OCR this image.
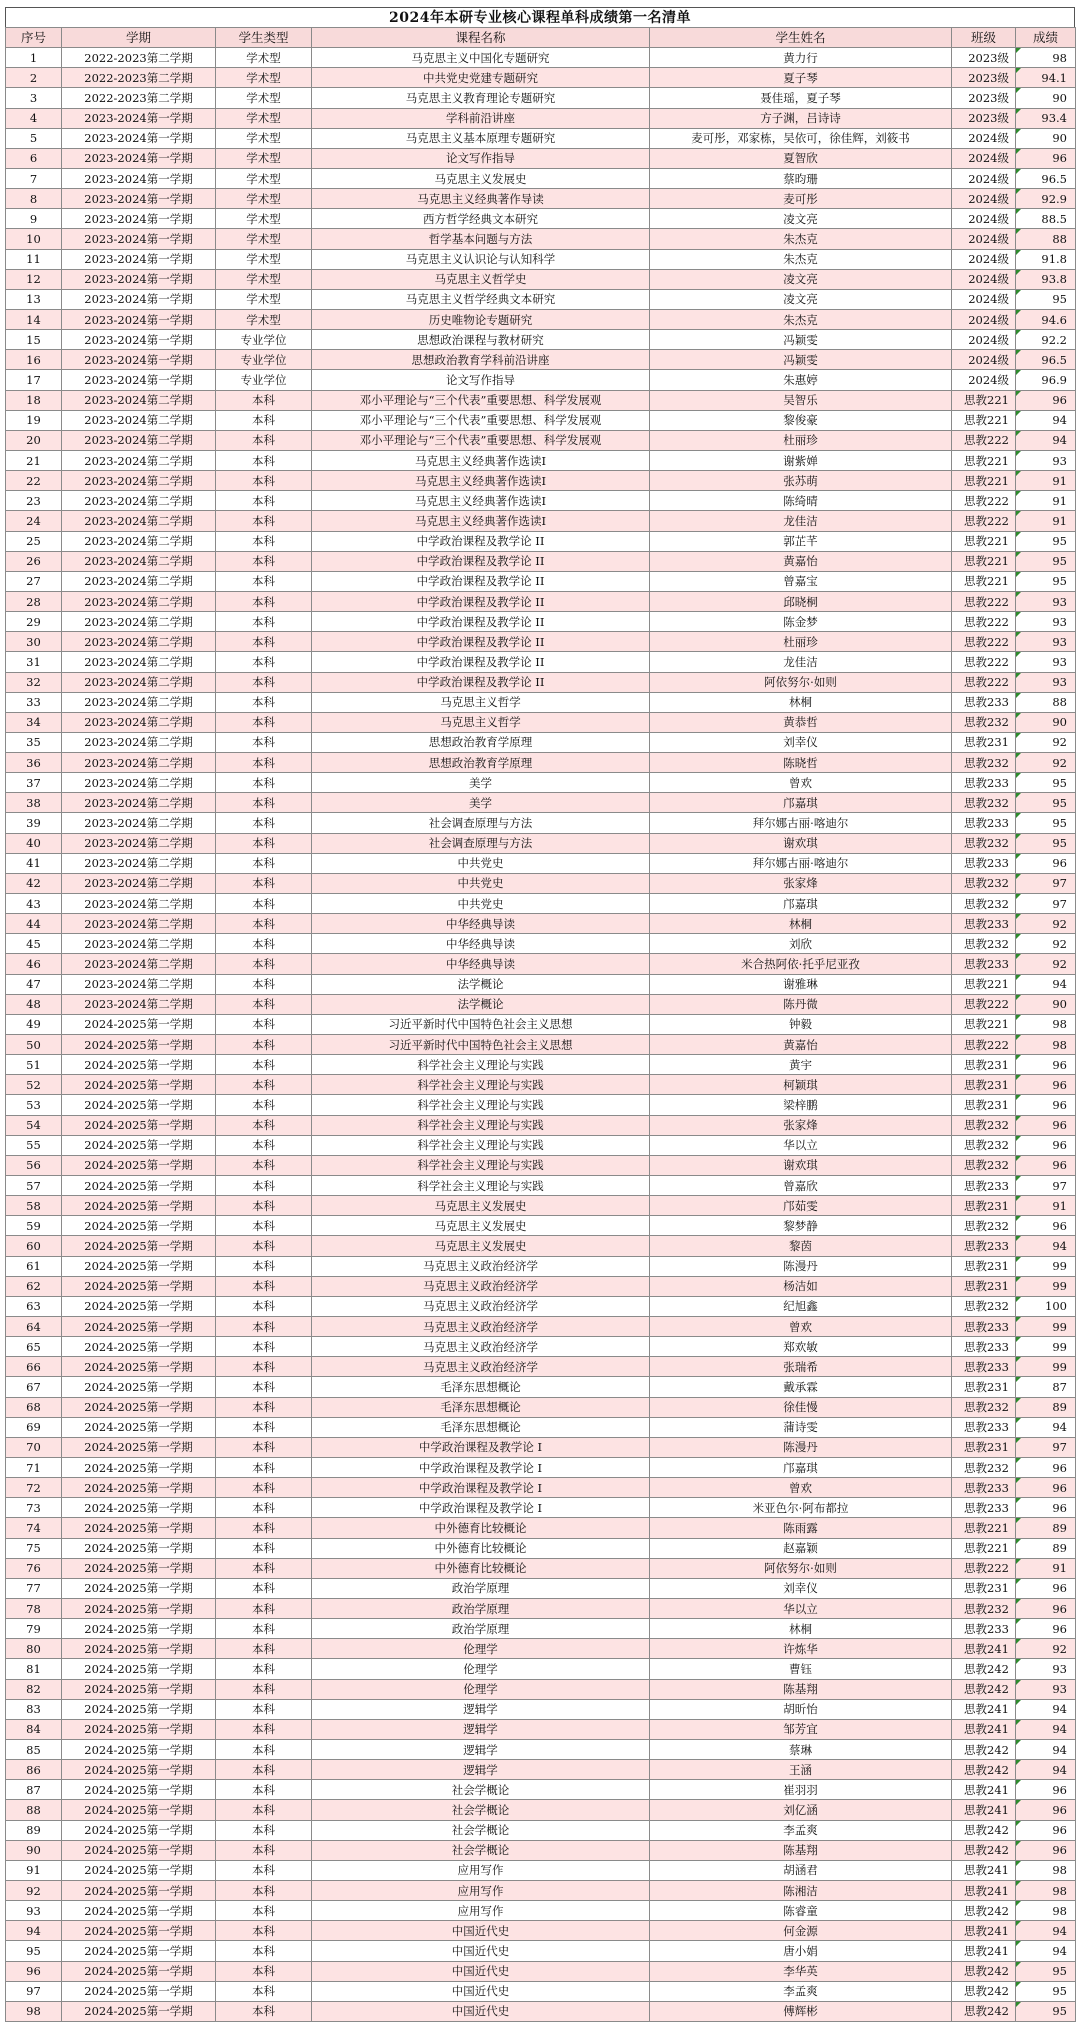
2024年本研专业核心课程单科成绩第一名清单
序号	学期	学生类型	课程名称	学生姓名	班级	成绩
1	2022-2023第二学期	学术型	马克思主义中国化专题研究	黄力行	2023级	98
2	2022-2023第二学期	学术型	中共党史党建专题研究	夏子琴	2023级	94.1
3	2022-2023第二学期	学术型	马克思主义教育理论专题研究	聂佳瑶，夏子琴	2023级	90
4	2023-2024第一学期	学术型	学科前沿讲座	方子渊，吕诗诗	2023级	93.4
5	2023-2024第一学期	学术型	马克思主义基本原理专题研究	麦可彤，邓家栋，吴依可，徐佳辉，刘筱书	2024级	90
6	2023-2024第一学期	学术型	论文写作指导	夏智欣	2024级	96
7	2023-2024第一学期	学术型	马克思主义发展史	蔡昀珊	2024级	96.5
8	2023-2024第一学期	学术型	马克思主义经典著作导读	麦可彤	2024级	92.9
9	2023-2024第一学期	学术型	西方哲学经典文本研究	凌文亮	2024级	88.5
10	2023-2024第一学期	学术型	哲学基本问题与方法	朱杰克	2024级	88
11	2023-2024第一学期	学术型	马克思主义认识论与认知科学	朱杰克	2024级	91.8
12	2023-2024第一学期	学术型	马克思主义哲学史	凌文亮	2024级	93.8
13	2023-2024第一学期	学术型	马克思主义哲学经典文本研究	凌文亮	2024级	95
14	2023-2024第一学期	学术型	历史唯物论专题研究	朱杰克	2024级	94.6
15	2023-2024第一学期	专业学位	思想政治课程与教材研究	冯颖雯	2024级	92.2
16	2023-2024第一学期	专业学位	思想政治教育学科前沿讲座	冯颖雯	2024级	96.5
17	2023-2024第一学期	专业学位	论文写作指导	朱惠婷	2024级	96.9
18	2023-2024第二学期	本科	邓小平理论与“三个代表”重要思想、科学发展观	吴智乐	思教221	96
19	2023-2024第二学期	本科	邓小平理论与“三个代表”重要思想、科学发展观	黎俊豪	思教221	94
20	2023-2024第二学期	本科	邓小平理论与“三个代表”重要思想、科学发展观	杜丽珍	思教222	94
21	2023-2024第二学期	本科	马克思主义经典著作选读I	谢紫婵	思教221	93
22	2023-2024第二学期	本科	马克思主义经典著作选读I	张苏萌	思教221	91
23	2023-2024第二学期	本科	马克思主义经典著作选读I	陈绮晴	思教222	91
24	2023-2024第二学期	本科	马克思主义经典著作选读I	龙佳洁	思教222	91
25	2023-2024第二学期	本科	中学政治课程及教学论 II	郭芷芊	思教221	95
26	2023-2024第二学期	本科	中学政治课程及教学论 II	黄嘉怡	思教221	95
27	2023-2024第二学期	本科	中学政治课程及教学论 II	曾嘉宝	思教221	95
28	2023-2024第二学期	本科	中学政治课程及教学论 II	邱晓桐	思教222	93
29	2023-2024第二学期	本科	中学政治课程及教学论 II	陈金梦	思教222	93
30	2023-2024第二学期	本科	中学政治课程及教学论 II	杜丽珍	思教222	93
31	2023-2024第二学期	本科	中学政治课程及教学论 II	龙佳洁	思教222	93
32	2023-2024第二学期	本科	中学政治课程及教学论 II	阿依努尔·如则	思教222	93
33	2023-2024第二学期	本科	马克思主义哲学	林桐	思教233	88
34	2023-2024第二学期	本科	马克思主义哲学	黄恭哲	思教232	90
35	2023-2024第二学期	本科	思想政治教育学原理	刘幸仪	思教231	92
36	2023-2024第二学期	本科	思想政治教育学原理	陈晓哲	思教232	92
37	2023-2024第二学期	本科	美学	曾欢	思教233	95
38	2023-2024第二学期	本科	美学	邝嘉琪	思教232	95
39	2023-2024第二学期	本科	社会调查原理与方法	拜尔娜古丽·喀迪尔	思教233	95
40	2023-2024第二学期	本科	社会调查原理与方法	谢欢琪	思教232	95
41	2023-2024第二学期	本科	中共党史	拜尔娜古丽·喀迪尔	思教233	96
42	2023-2024第二学期	本科	中共党史	张家烽	思教232	97
43	2023-2024第二学期	本科	中共党史	邝嘉琪	思教232	97
44	2023-2024第二学期	本科	中华经典导读	林桐	思教233	92
45	2023-2024第二学期	本科	中华经典导读	刘欣	思教232	92
46	2023-2024第二学期	本科	中华经典导读	米合热阿依·托乎尼亚孜	思教233	92
47	2023-2024第二学期	本科	法学概论	谢雅琳	思教221	94
48	2023-2024第二学期	本科	法学概论	陈丹微	思教222	90
49	2024-2025第一学期	本科	习近平新时代中国特色社会主义思想	钟毅	思教221	98
50	2024-2025第一学期	本科	习近平新时代中国特色社会主义思想	黄嘉怡	思教222	98
51	2024-2025第一学期	本科	科学社会主义理论与实践	黄宇	思教231	96
52	2024-2025第一学期	本科	科学社会主义理论与实践	柯颖琪	思教231	96
53	2024-2025第一学期	本科	科学社会主义理论与实践	梁梓鹏	思教231	96
54	2024-2025第一学期	本科	科学社会主义理论与实践	张家烽	思教232	96
55	2024-2025第一学期	本科	科学社会主义理论与实践	华以立	思教232	96
56	2024-2025第一学期	本科	科学社会主义理论与实践	谢欢琪	思教232	96
57	2024-2025第一学期	本科	科学社会主义理论与实践	曾嘉欣	思教233	97
58	2024-2025第一学期	本科	马克思主义发展史	邝茹雯	思教231	91
59	2024-2025第一学期	本科	马克思主义发展史	黎梦静	思教232	96
60	2024-2025第一学期	本科	马克思主义发展史	黎茵	思教233	94
61	2024-2025第一学期	本科	马克思主义政治经济学	陈漫丹	思教231	99
62	2024-2025第一学期	本科	马克思主义政治经济学	杨洁如	思教231	99
63	2024-2025第一学期	本科	马克思主义政治经济学	纪旭鑫	思教232	100
64	2024-2025第一学期	本科	马克思主义政治经济学	曾欢	思教233	99
65	2024-2025第一学期	本科	马克思主义政治经济学	郑欢敏	思教233	99
66	2024-2025第一学期	本科	马克思主义政治经济学	张瑞希	思教233	99
67	2024-2025第一学期	本科	毛泽东思想概论	戴承霖	思教231	87
68	2024-2025第一学期	本科	毛泽东思想概论	徐佳慢	思教232	89
69	2024-2025第一学期	本科	毛泽东思想概论	蒲诗雯	思教233	94
70	2024-2025第一学期	本科	中学政治课程及教学论 I	陈漫丹	思教231	97
71	2024-2025第一学期	本科	中学政治课程及教学论 I	邝嘉琪	思教232	96
72	2024-2025第一学期	本科	中学政治课程及教学论 I	曾欢	思教233	96
73	2024-2025第一学期	本科	中学政治课程及教学论 I	米亚色尔·阿布都拉	思教233	96
74	2024-2025第一学期	本科	中外德育比较概论	陈雨露	思教221	89
75	2024-2025第一学期	本科	中外德育比较概论	赵嘉颖	思教221	89
76	2024-2025第一学期	本科	中外德育比较概论	阿依努尔·如则	思教222	91
77	2024-2025第一学期	本科	政治学原理	刘幸仪	思教231	96
78	2024-2025第一学期	本科	政治学原理	华以立	思教232	96
79	2024-2025第一学期	本科	政治学原理	林桐	思教233	96
80	2024-2025第一学期	本科	伦理学	许炼华	思教241	92
81	2024-2025第一学期	本科	伦理学	曹钰	思教242	93
82	2024-2025第一学期	本科	伦理学	陈基翔	思教242	93
83	2024-2025第一学期	本科	逻辑学	胡昕怡	思教241	94
84	2024-2025第一学期	本科	逻辑学	邹芳宜	思教241	94
85	2024-2025第一学期	本科	逻辑学	蔡琳	思教242	94
86	2024-2025第一学期	本科	逻辑学	王涵	思教242	94
87	2024-2025第一学期	本科	社会学概论	崔羽羽	思教241	96
88	2024-2025第一学期	本科	社会学概论	刘亿涵	思教241	96
89	2024-2025第一学期	本科	社会学概论	李孟爽	思教242	96
90	2024-2025第一学期	本科	社会学概论	陈基翔	思教242	96
91	2024-2025第一学期	本科	应用写作	胡涵君	思教241	98
92	2024-2025第一学期	本科	应用写作	陈湘洁	思教241	98
93	2024-2025第一学期	本科	应用写作	陈睿童	思教242	98
94	2024-2025第一学期	本科	中国近代史	何金源	思教241	94
95	2024-2025第一学期	本科	中国近代史	唐小娟	思教241	94
96	2024-2025第一学期	本科	中国近代史	李华英	思教242	95
97	2024-2025第一学期	本科	中国近代史	李孟爽	思教242	95
98	2024-2025第一学期	本科	中国近代史	傅辉彬	思教242	95
